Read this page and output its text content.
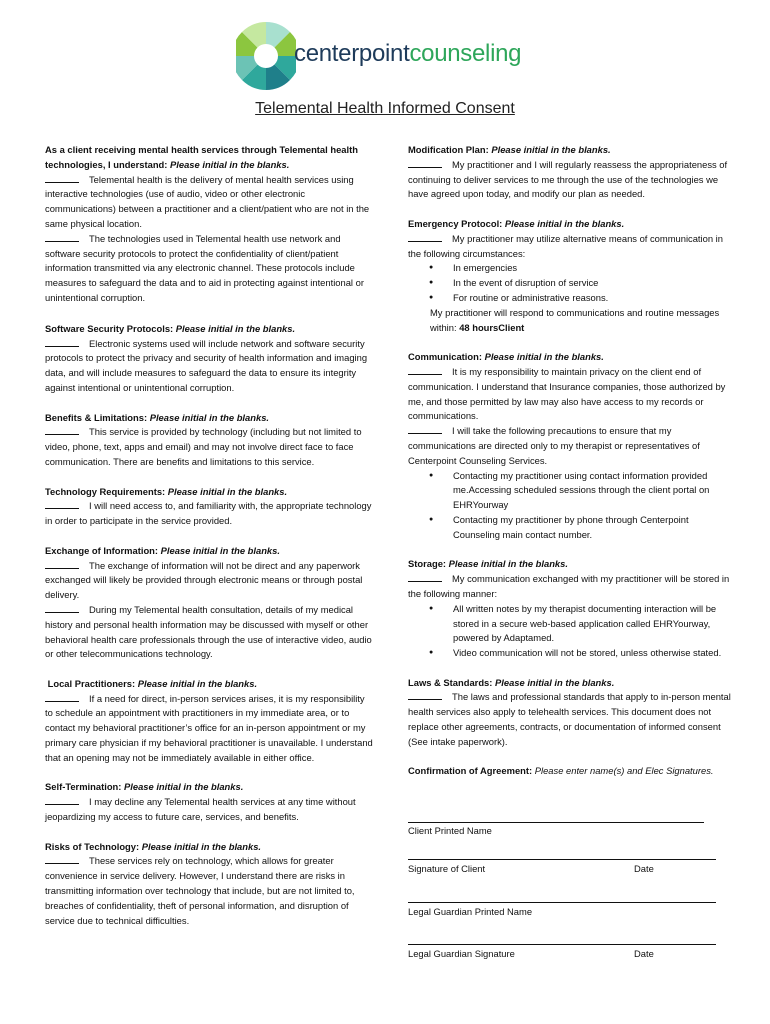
centerpointcounseling
Telemental Health Informed Consent
As a client receiving mental health services through Telemental health technologies, I understand: Please initial in the blanks.

Telemental health is the delivery of mental health services using interactive technologies (use of audio, video or other electronic communications) between a practitioner and a client/patient who are not in the same physical location.

The technologies used in Telemental health use network and software security protocols to protect the confidentiality of client/patient information transmitted via any electronic channel. These protocols include measures to safeguard the data and to aid in protecting against intentional or unintentional corruption.

Software Security Protocols: Please initial in the blanks.

Electronic systems used will include network and software security protocols to protect the privacy and security of health information and imaging data, and will include measures to safeguard the data to ensure its integrity against intentional or unintentional corruption.

Benefits & Limitations: Please initial in the blanks.

This service is provided by technology (including but not limited to video, phone, text, apps and email) and may not involve direct face to face communication. There are benefits and limitations to this service.

Technology Requirements: Please initial in the blanks.

I will need access to, and familiarity with, the appropriate technology in order to participate in the service provided.

Exchange of Information: Please initial in the blanks.

The exchange of information will not be direct and any paperwork exchanged will likely be provided through electronic means or through postal delivery.

During my Telemental health consultation, details of my medical history and personal health information may be discussed with myself or other behavioral health care professionals through the use of interactive video, audio or other telecommunications technology.

Local Practitioners: Please initial in the blanks.

If a need for direct, in-person services arises, it is my responsibility to schedule an appointment with practitioners in my immediate area, or to contact my behavioral practitioner’s office for an in-person appointment or my primary care physician if my behavioral practitioner is unavailable. I understand that an opening may not be immediately available in either office.

Self-Termination: Please initial in the blanks.

I may decline any Telemental health services at any time without jeopardizing my access to future care, services, and benefits.

Risks of Technology: Please initial in the blanks.

These services rely on technology, which allows for greater convenience in service delivery. However, I understand there are risks in transmitting information over technology that include, but are not limited to, breaches of confidentiality, theft of personal information, and disruption of service due to technical difficulties.

Modification Plan: Please initial in the blanks.

My practitioner and I will regularly reassess the appropriateness of continuing to deliver services to me through the use of the technologies we have agreed upon today, and modify our plan as needed.

Emergency Protocol: Please initial in the blanks.

My practitioner may utilize alternative means of communication in the following circumstances:

● In emergencies
● In the event of disruption of service
● For routine or administrative reasons.

My practitioner will respond to communications and routine messages within: 48 hoursClient

Communication: Please initial in the blanks.

It is my responsibility to maintain privacy on the client end of communication. I understand that Insurance companies, those authorized by me, and those permitted by law may also have access to my records or communications.

I will take the following precautions to ensure that my communications are directed only to my therapist or representatives of Centerpoint Counseling Services.

● Contacting my practitioner using contact information provided me.Accessing scheduled sessions through the client portal on EHRYourway
● Contacting my practitioner by phone through Centerpoint Counseling main contact number.
Storage: Please initial in the blanks.

My communication exchanged with my practitioner will be stored in the following manner:

● All written notes by my therapist documenting interaction will be stored in a secure web-based application called EHRYourway, powered by Adaptamed.
● Video communication will not be stored, unless otherwise stated.
Laws & Standards: Please initial in the blanks.

The laws and professional standards that apply to in-person mental health services also apply to telehealth services. This document does not replace other agreements, contracts, or documentation of informed consent (See intake paperwork).

Confirmation of Agreement: Please enter name(s) and Elec Signatures.
Client Printed Name
Signature of Client	Date
Legal Guardian Printed Name
Legal Guardian Signature	Date
